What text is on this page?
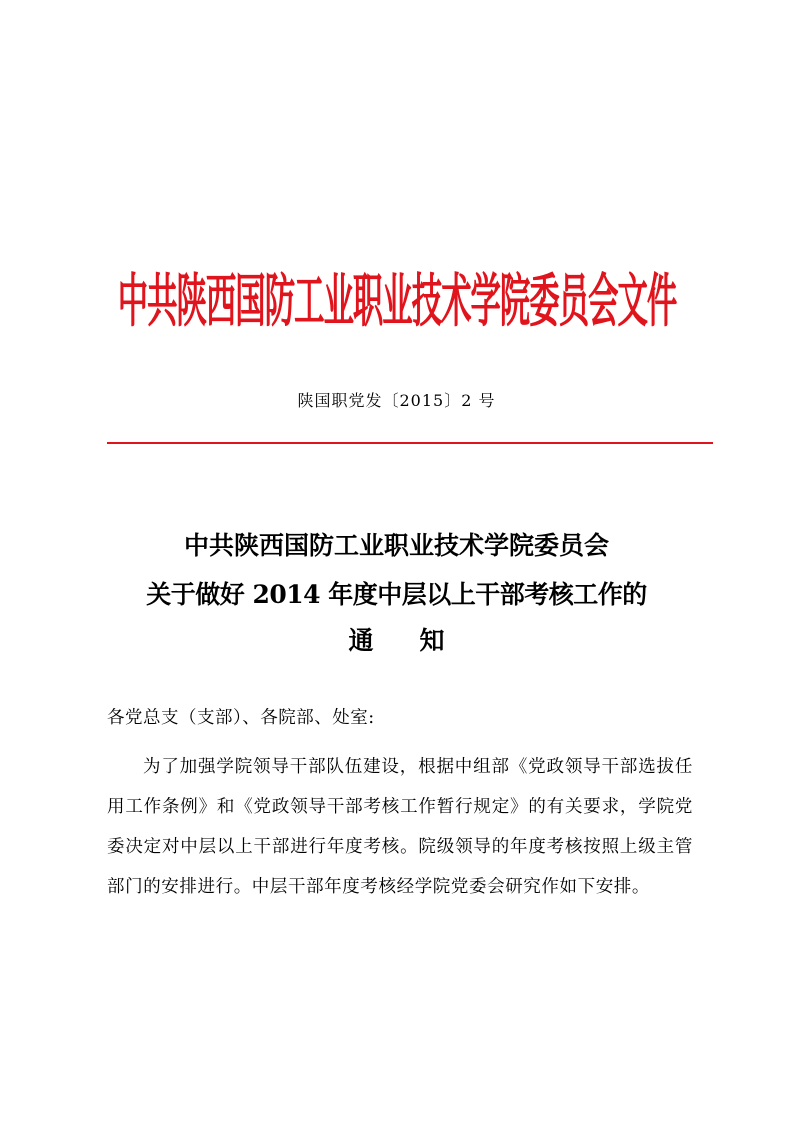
中共陕西国防工业职业技术学院委员会文件
陕国职党发〔2015〕2 号
中共陕西国防工业职业技术学院委员会
关于做好 2014 年度中层以上干部考核工作的
通 知
各党总支（支部）、各院部、处室:
为了加强学院领导干部队伍建设，根据中组部《党政领导干部选拔任用工作条例》和《党政领导干部考核工作暂行规定》的有关要求，学院党委决定对中层以上干部进行年度考核。院级领导的年度考核按照上级主管部门的安排进行。中层干部年度考核经学院党委会研究作如下安排。
